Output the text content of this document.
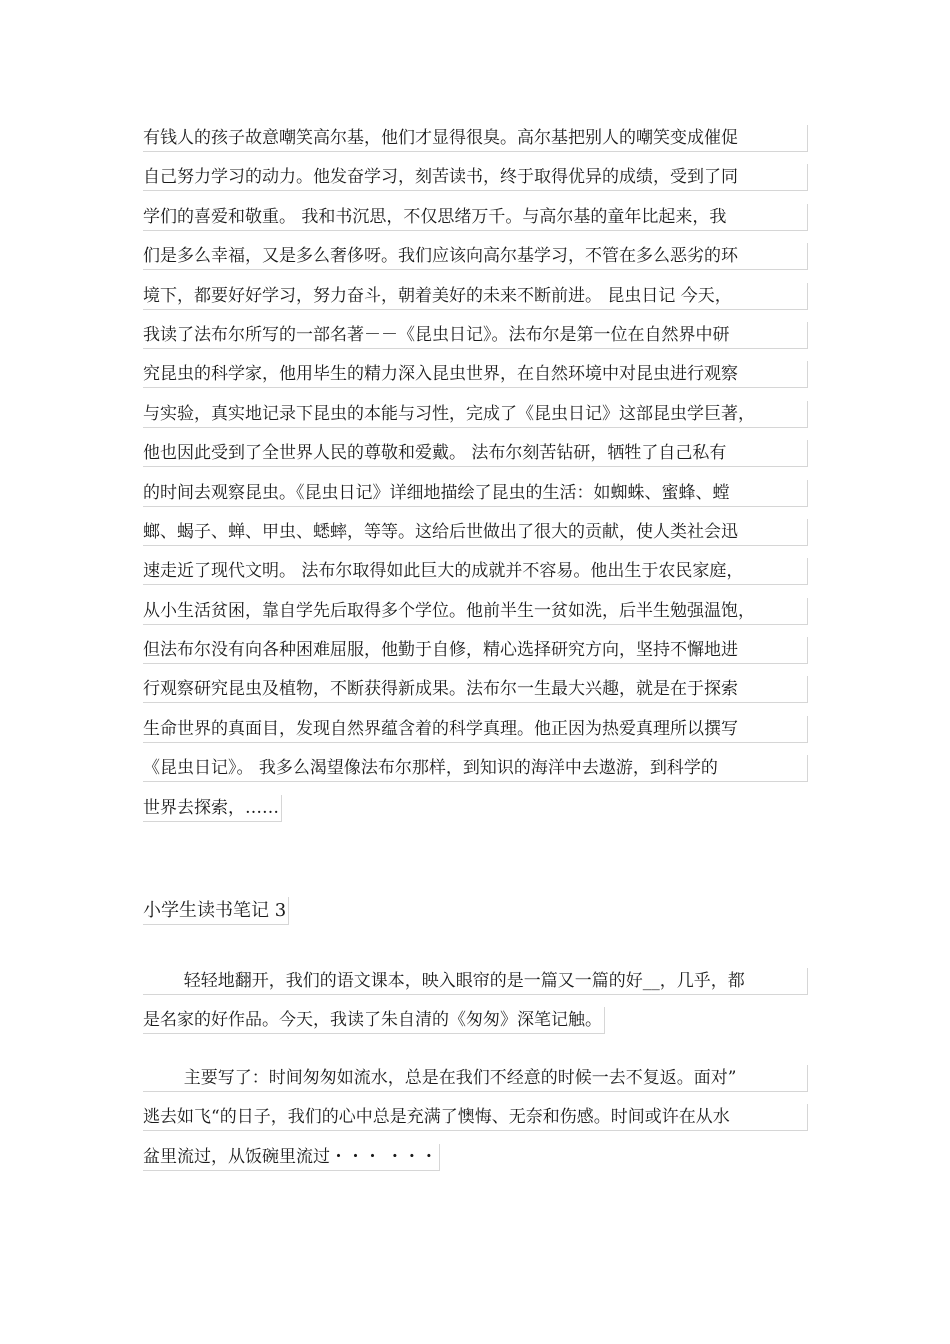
有钱人的孩子故意嘲笑高尔基，他们才显得很臭。高尔基把别人的嘲笑变成催促
自己努力学习的动力。他发奋学习，刻苦读书，终于取得优异的成绩，受到了同
学们的喜爱和敬重。 我和书沉思，不仅思绪万千。与高尔基的童年比起来，我
们是多么幸福，又是多么奢侈呀。我们应该向高尔基学习，不管在多么恶劣的环
境下，都要好好学习，努力奋斗，朝着美好的未来不断前进。 昆虫日记 今天，
我读了法布尔所写的一部名著－－《昆虫日记》。法布尔是第一位在自然界中研
究昆虫的科学家，他用毕生的精力深入昆虫世界，在自然环境中对昆虫进行观察
与实验，真实地记录下昆虫的本能与习性，完成了《昆虫日记》这部昆虫学巨著，
他也因此受到了全世界人民的尊敬和爱戴。 法布尔刻苦钻研，牺牲了自己私有
的时间去观察昆虫。《昆虫日记》详细地描绘了昆虫的生活：如蜘蛛、蜜蜂、螳
螂、蝎子、蝉、甲虫、蟋蟀，等等。这给后世做出了很大的贡献，使人类社会迅
速走近了现代文明。 法布尔取得如此巨大的成就并不容易。他出生于农民家庭，
从小生活贫困，靠自学先后取得多个学位。他前半生一贫如洗，后半生勉强温饱，
但法布尔没有向各种困难屈服，他勤于自修，精心选择研究方向，坚持不懈地进
行观察研究昆虫及植物，不断获得新成果。法布尔一生最大兴趣，就是在于探索
生命世界的真面目，发现自然界蕴含着的科学真理。他正因为热爱真理所以撰写
《昆虫日记》。 我多么渴望像法布尔那样，到知识的海洋中去遨游，到科学的
世界去探索，……
小学生读书笔记 3
轻轻地翻开，我们的语文课本，映入眼帘的是一篇又一篇的好__，几乎，都
是名家的好作品。今天，我读了朱自清的《匆匆》深笔记触。
主要写了：时间匆匆如流水，总是在我们不经意的时候一去不复返。面对”
逃去如飞“的日子，我们的心中总是充满了懊悔、无奈和伤感。时间或许在从水
盆里流过，从饭碗里流过・・・ ・・・
